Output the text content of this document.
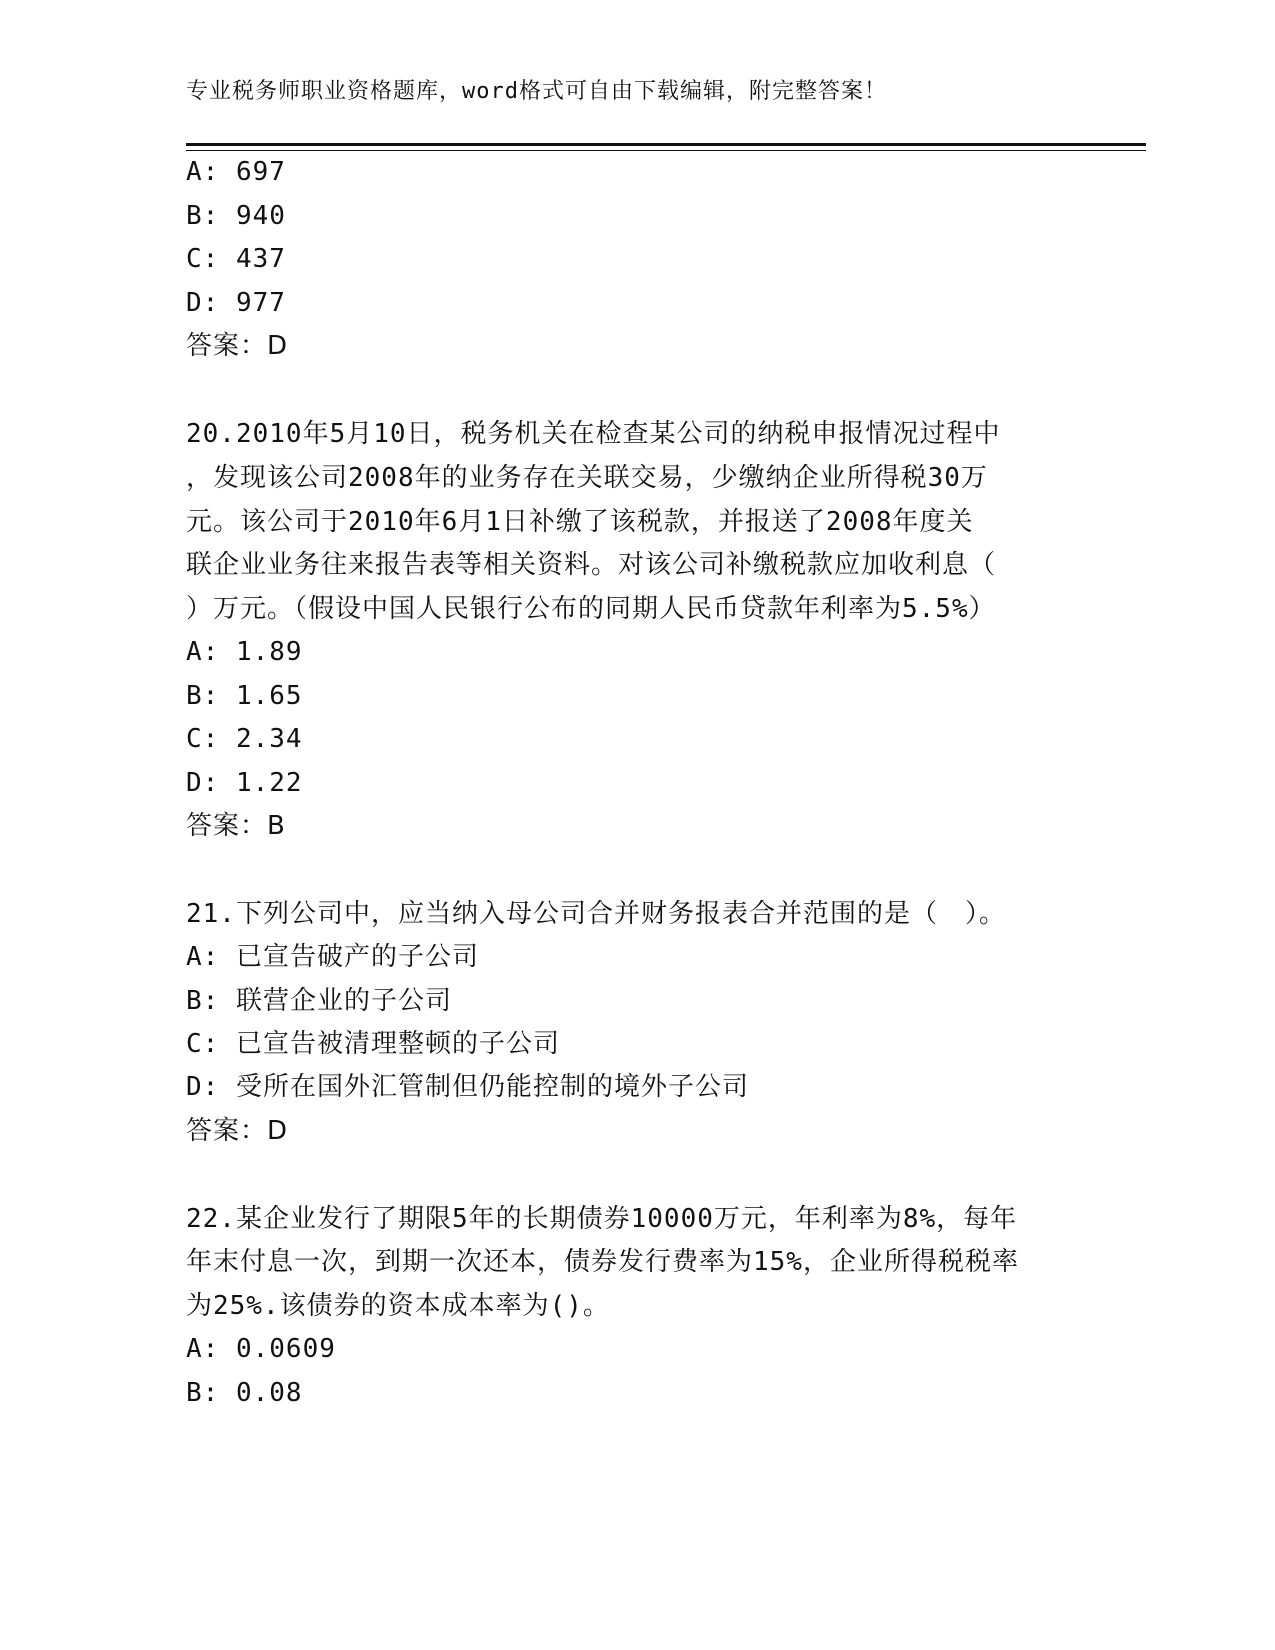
专业税务师职业资格题库，word格式可自由下载编辑，附完整答案！
A: 697
B: 940
C: 437
D: 977
答案：D
20.2010年5月10日，税务机关在检查某公司的纳税申报情况过程中
，发现该公司2008年的业务存在关联交易，少缴纳企业所得税30万
元。该公司于2010年6月1日补缴了该税款，并报送了2008年度关
联企业业务往来报告表等相关资料。对该公司补缴税款应加收利息（
）万元。（假设中国人民银行公布的同期人民币贷款年利率为5.5%）
A: 1.89
B: 1.65
C: 2.34
D: 1.22
答案：B
21.下列公司中，应当纳入母公司合并财务报表合并范围的是（　）。
A: 已宣告破产的子公司
B: 联营企业的子公司
C: 已宣告被清理整顿的子公司
D: 受所在国外汇管制但仍能控制的境外子公司
答案：D
22.某企业发行了期限5年的长期债券10000万元，年利率为8%，每年
年末付息一次，到期一次还本，债券发行费率为15%，企业所得税税率
为25%.该债券的资本成本率为()。
A: 0.0609
B: 0.08
